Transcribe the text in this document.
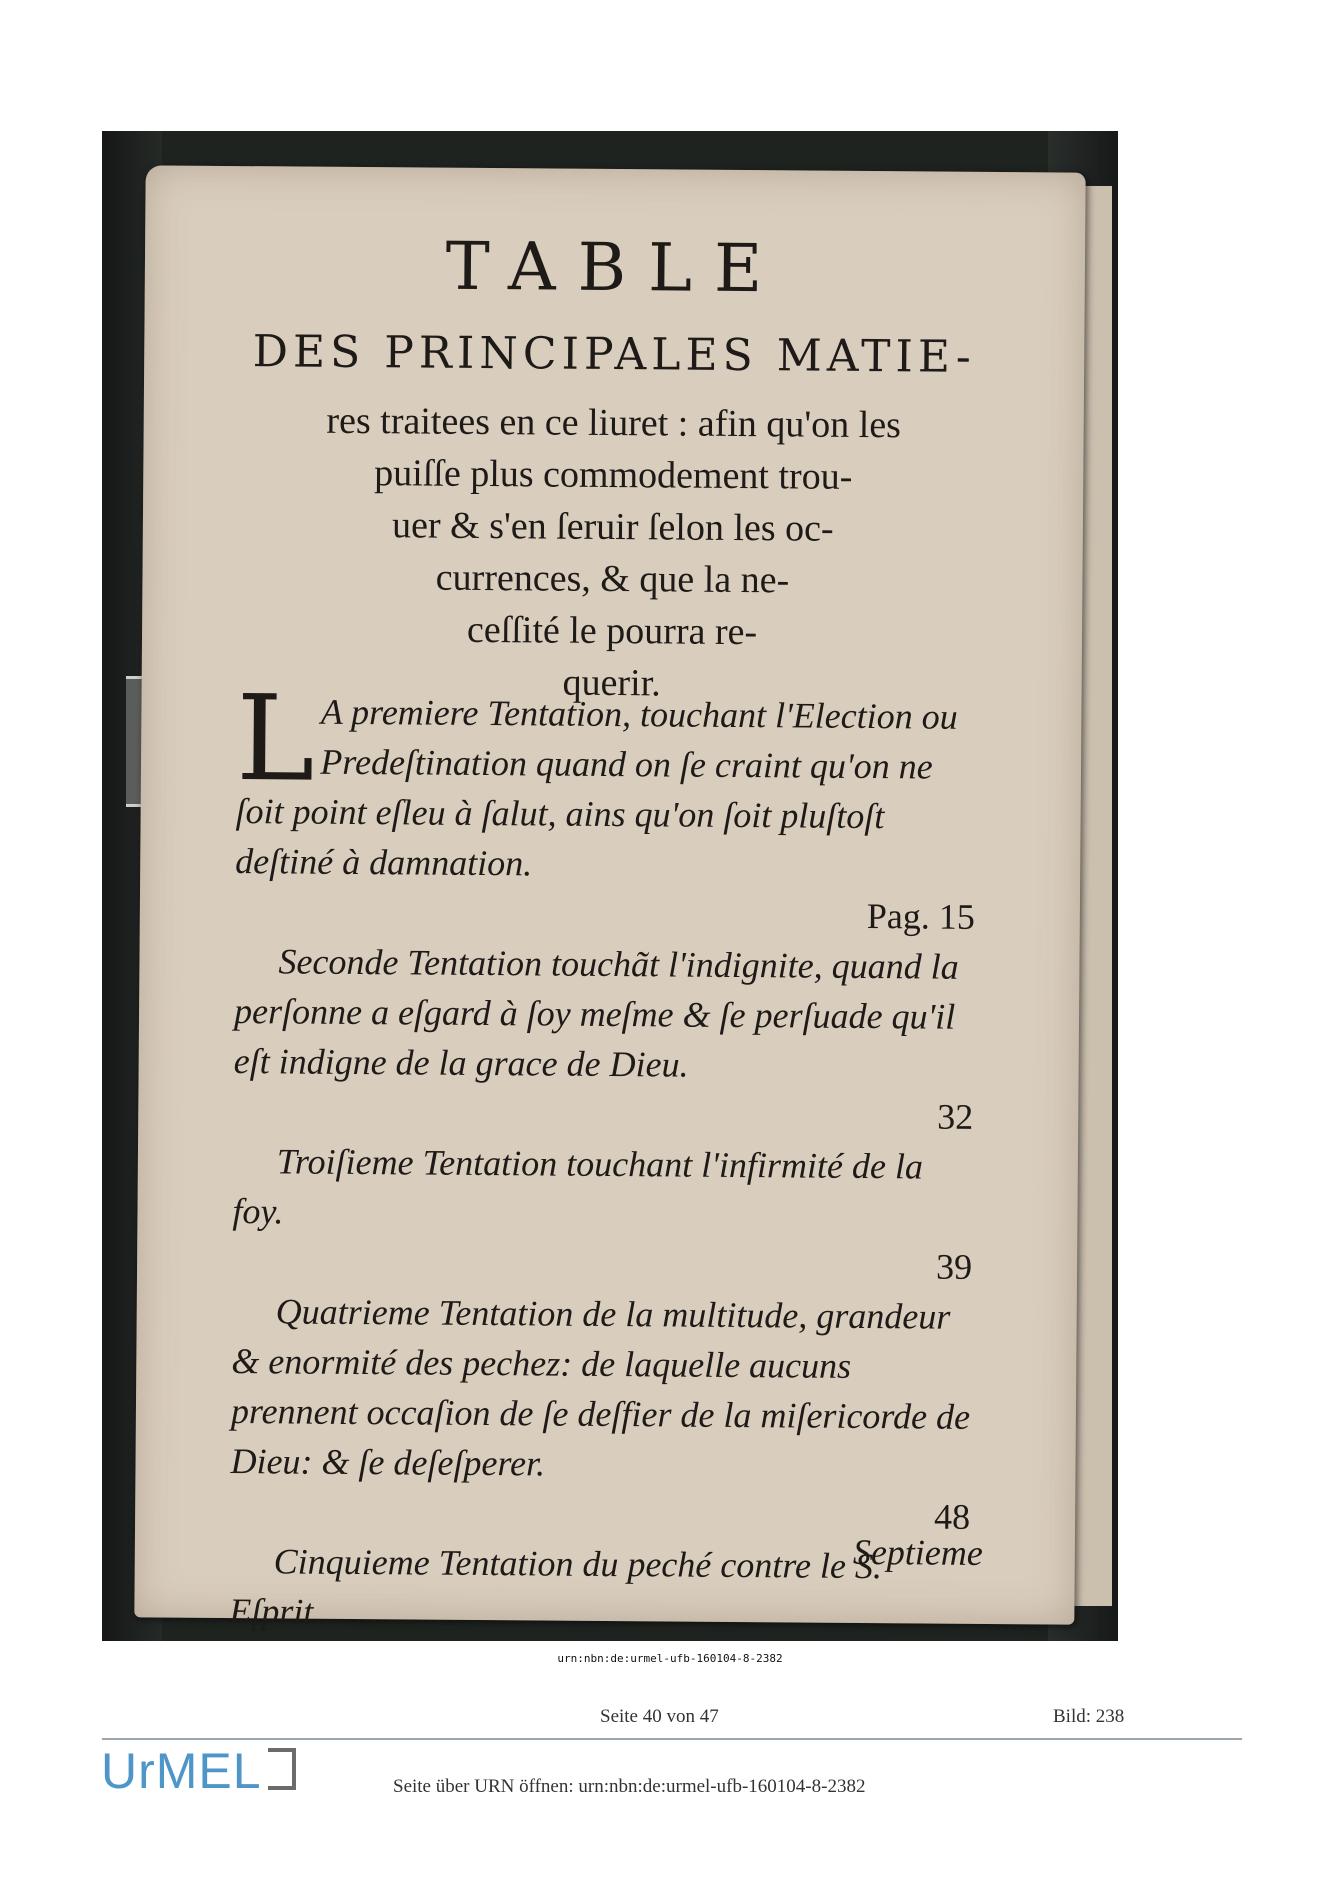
TABLE
DES PRINCIPALES MATIE-
res traitees en ce liuret : afin qu'on les
puiſſe plus commodement trou-
uer & s'en ſeruir ſelon les oc-
currences, & que la ne-
ceſſité le pourra re-
querir.
L A premiere Tentation, touchant l'Election ou Predeſtination quand on ſe craint qu'on ne ſoit point eſleu à ſalut, ains qu'on ſoit pluſtoſt deſtiné à damnation.
Pag. 15
Seconde Tentation touchãt l'indignite, quand la perſonne a eſgard à ſoy meſme & ſe perſuade qu'il eſt indigne de la grace de Dieu.
32
Troiſieme Tentation touchant l'infirmité de la foy.
39
Quatrieme Tentation de la multitude, grandeur & enormité des pechez: de laquelle aucuns prennent occaſion de ſe deſfier de la miſericorde de Dieu: & ſe deſeſperer.
48
Cinquieme Tentation du peché contre le S. Eſprit.
Septieme
urn:nbn:de:urmel-ufb-160104-8-2382
Seite 40 von 47	Bild: 238
UrMEL	Seite über URN öffnen: urn:nbn:de:urmel-ufb-160104-8-2382
